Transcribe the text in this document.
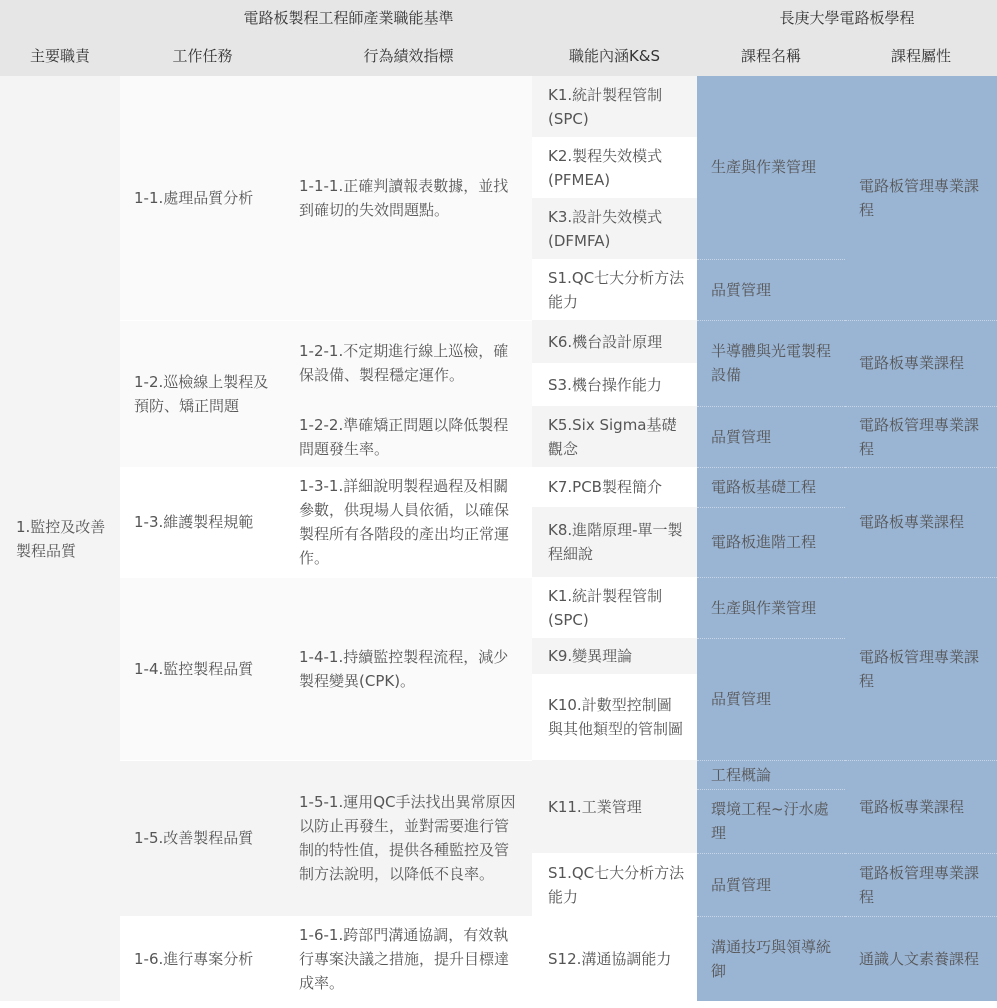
電路板製程工程師產業職能基準				長庚大學電路板學程	
主要職責	工作任務	行為績效指標	職能內涵K&S	課程名稱	課程屬性
1.監控及改善製程品質	1-1.處理品質分析	1-1-1.正確判讀報表數據，並找到確切的失效問題點。	K1.統計製程管制(SPC)	生產與作業管理	電路板管理專業課程
			K2.製程失效模式(PFMEA)		
			K3.設計失效模式(DFMFA)		
			S1.QC七大分析方法能力	品質管理	
	1-2.巡檢線上製程及預防、矯正問題	1-2-1.不定期進行線上巡檢，確保設備、製程穩定運作。	K6.機台設計原理	半導體與光電製程設備	電路板專業課程
			S3.機台操作能力		
		1-2-2.準確矯正問題以降低製程問題發生率。	K5.Six Sigma基礎觀念	品質管理	電路板管理專業課程
	1-3.維護製程規範	1-3-1.詳細說明製程過程及相關參數，供現場人員依循，以確保製程所有各階段的產出均正常運作。	K7.PCB製程簡介	電路板基礎工程	電路板專業課程
			K8.進階原理-單一製程細說	電路板進階工程	
	1-4.監控製程品質	1-4-1.持續監控製程流程，減少製程變異(CPK)。	K1.統計製程管制(SPC)	生產與作業管理	電路板管理專業課程
			K9.變異理論	品質管理	
			K10.計數型控制圖與其他類型的管制圖		
	1-5.改善製程品質	1-5-1.運用QC手法找出異常原因以防止再發生，並對需要進行管制的特性值，提供各種監控及管制方法說明，以降低不良率。	K11.工業管理	工程概論	電路板專業課程
				環境工程~汙水處理	
			S1.QC七大分析方法能力	品質管理	電路板管理專業課程
	1-6.進行專案分析	1-6-1.跨部門溝通協調，有效執行專案決議之措施，提升目標達成率。	S12.溝通協調能力	溝通技巧與領導統御	通識人文素養課程
